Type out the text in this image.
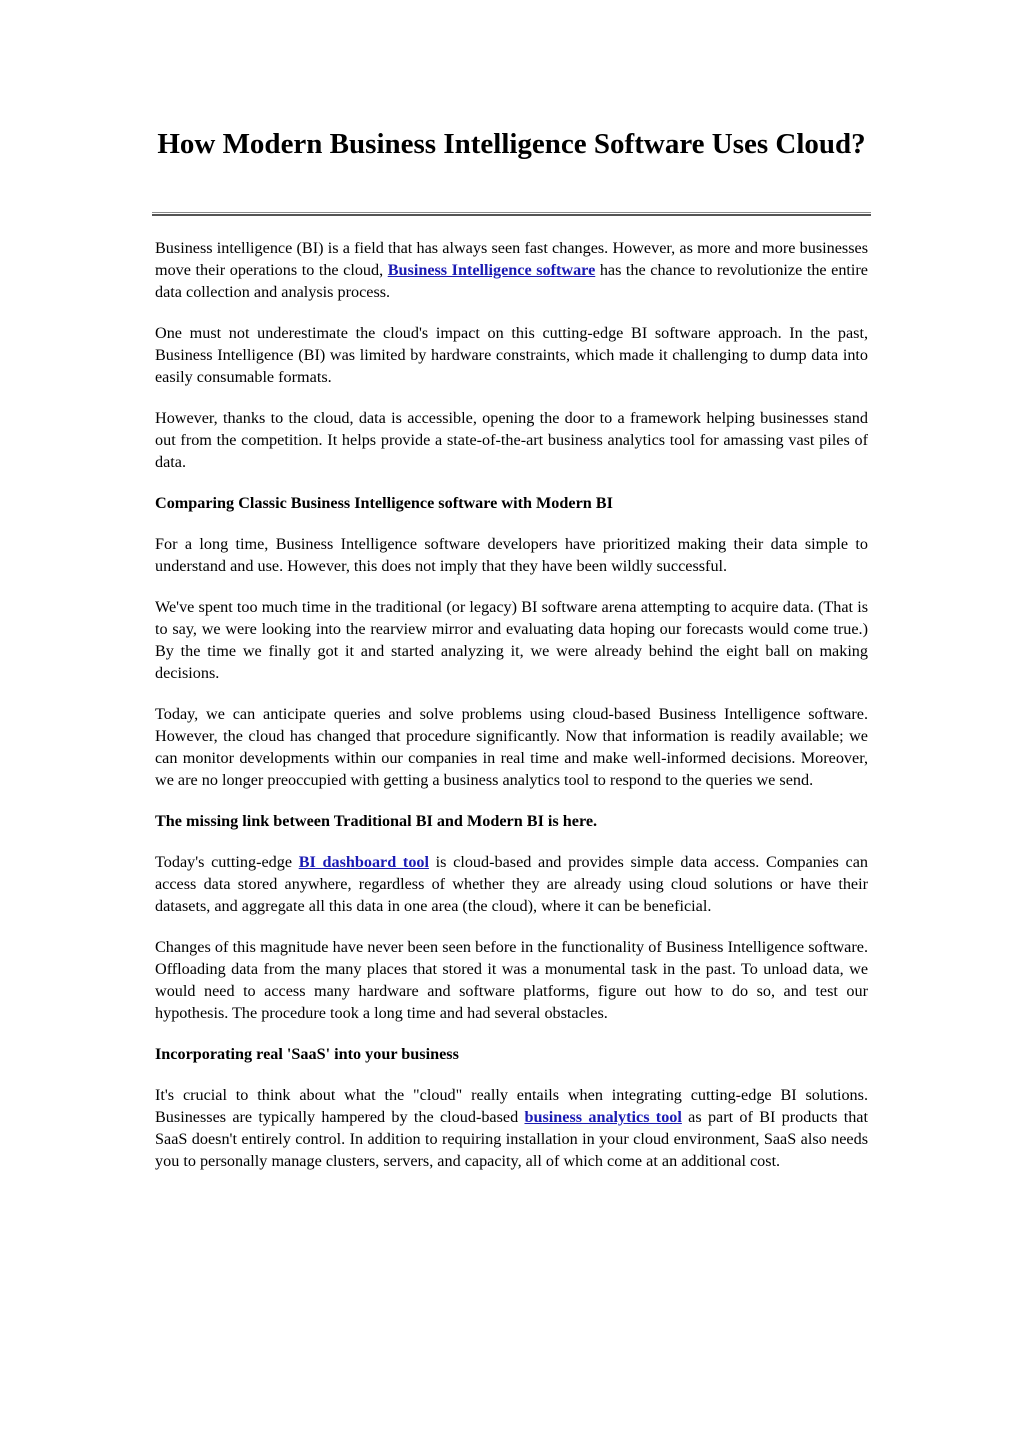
How Modern Business Intelligence Software Uses Cloud?

Business intelligence (BI) is a field that has always seen fast changes. However, as more and more businesses move their operations to the cloud, Business Intelligence software has the chance to revolutionize the entire data collection and analysis process.

One must not underestimate the cloud's impact on this cutting-edge BI software approach. In the past, Business Intelligence (BI) was limited by hardware constraints, which made it challenging to dump data into easily consumable formats.

However, thanks to the cloud, data is accessible, opening the door to a framework helping businesses stand out from the competition. It helps provide a state-of-the-art business analytics tool for amassing vast piles of data.

Comparing Classic Business Intelligence software with Modern BI

For a long time, Business Intelligence software developers have prioritized making their data simple to understand and use. However, this does not imply that they have been wildly successful.

We've spent too much time in the traditional (or legacy) BI software arena attempting to acquire data. (That is to say, we were looking into the rearview mirror and evaluating data hoping our forecasts would come true.) By the time we finally got it and started analyzing it, we were already behind the eight ball on making decisions.

Today, we can anticipate queries and solve problems using cloud-based Business Intelligence software. However, the cloud has changed that procedure significantly. Now that information is readily available; we can monitor developments within our companies in real time and make well-informed decisions. Moreover, we are no longer preoccupied with getting a business analytics tool to respond to the queries we send.

The missing link between Traditional BI and Modern BI is here.

Today's cutting-edge BI dashboard tool is cloud-based and provides simple data access. Companies can access data stored anywhere, regardless of whether they are already using cloud solutions or have their datasets, and aggregate all this data in one area (the cloud), where it can be beneficial.

Changes of this magnitude have never been seen before in the functionality of Business Intelligence software. Offloading data from the many places that stored it was a monumental task in the past. To unload data, we would need to access many hardware and software platforms, figure out how to do so, and test our hypothesis. The procedure took a long time and had several obstacles.

Incorporating real 'SaaS' into your business

It's crucial to think about what the "cloud" really entails when integrating cutting-edge BI solutions. Businesses are typically hampered by the cloud-based business analytics tool as part of BI products that SaaS doesn't entirely control. In addition to requiring installation in your cloud environment, SaaS also needs you to personally manage clusters, servers, and capacity, all of which come at an additional cost.
